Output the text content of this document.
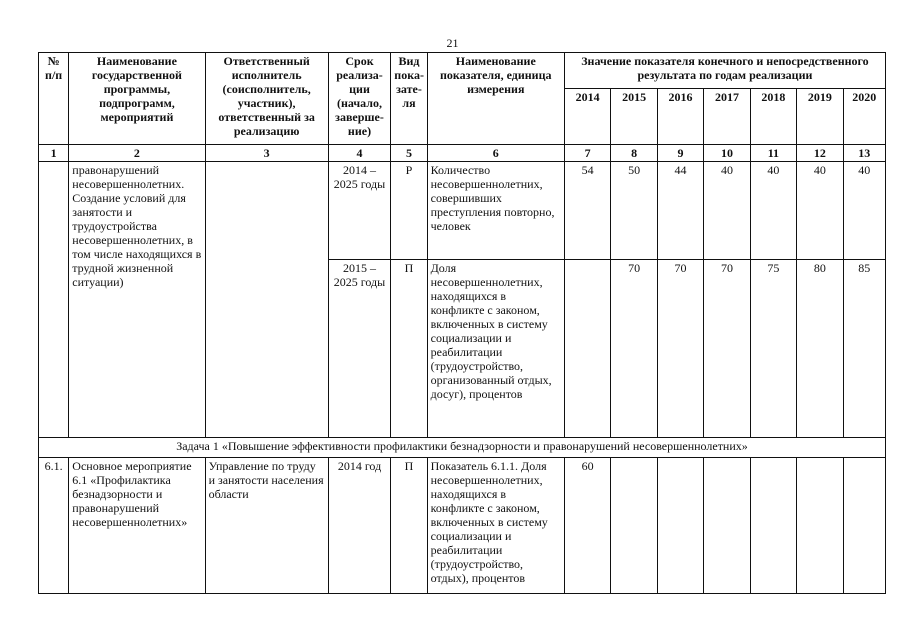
21
№ п/п	Наименование государственной программы, подпрограмм, мероприятий	Ответственный исполнитель (соисполнитель, участник), ответственный за реализацию	Срок реализа-ции (начало, заверше-ние)	Вид пока-зате-ля	Наименование показателя, единица измерения	Значение показателя конечного и непосредственного результата по годам реализации						
						2014	2015	2016	2017	2018	2019	2020
1	2	3	4	5	6	7	8	9	10	11	12	13
	правонарушений несовершеннолетних. Создание условий для занятости и трудоустройства несовершеннолетних, в том числе находящихся в трудной жизненной ситуации)		2014 – 2025 годы	Р	Количество несовершеннолетних, совершивших преступления повторно, человек	54	50	44	40	40	40	40
			2015 – 2025 годы	П	Доля несовершеннолетних, находящихся в конфликте с законом, включенных в систему социализации и реабилитации (трудоустройство, организованный отдых, досуг), процентов		70	70	70	75	80	85
Задача 1 «Повышение эффективности профилактики безнадзорности и правонарушений несовершеннолетних»												
6.1.	Основное мероприятие 6.1 «Профилактика безнадзорности и правонарушений несовершеннолетних»	Управление по труду и занятости населения области	2014 год	П	Показатель 6.1.1. Доля несовершеннолетних, находящихся в конфликте с законом, включенных в систему социализации и реабилитации (трудоустройство, отдых), процентов	60						
